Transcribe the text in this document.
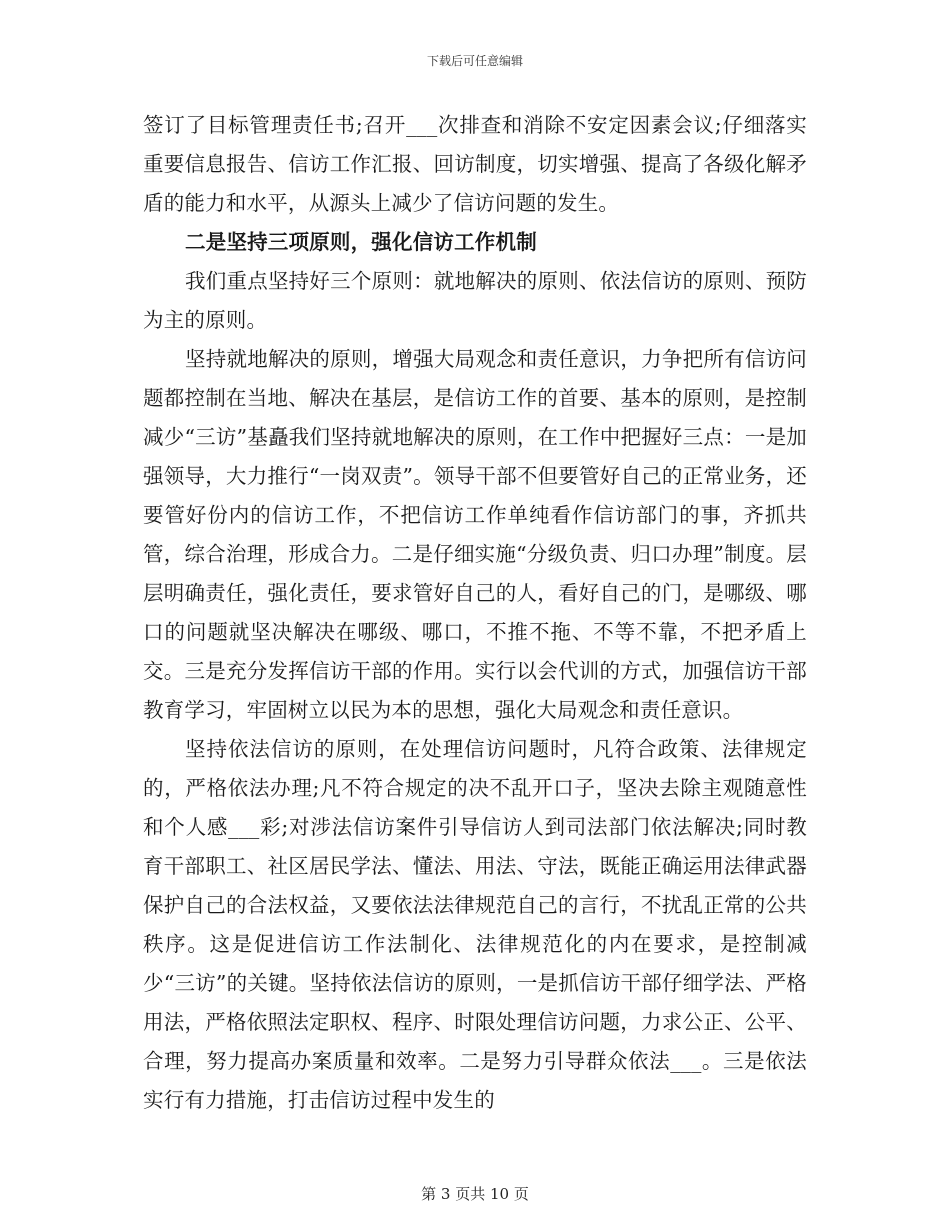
下载后可任意编辑

签订了目标管理责任书;召开___次排查和消除不安定因素会议;仔细落实重要信息报告、信访工作汇报、回访制度，切实增强、提高了各级化解矛盾的能力和水平，从源头上减少了信访问题的发生。

二是坚持三项原则，强化信访工作机制

我们重点坚持好三个原则：就地解决的原则、依法信访的原则、预防为主的原则。

坚持就地解决的原则，增强大局观念和责任意识，力争把所有信访问题都控制在当地、解决在基层，是信访工作的首要、基本的原则，是控制减少“三访”基矗我们坚持就地解决的原则，在工作中把握好三点：一是加强领导，大力推行“一岗双责”。领导干部不但要管好自己的正常业务，还要管好份内的信访工作，不把信访工作单纯看作信访部门的事，齐抓共管，综合治理，形成合力。二是仔细实施“分级负责、归口办理”制度。层层明确责任，强化责任，要求管好自己的人，看好自己的门，是哪级、哪口的问题就坚决解决在哪级、哪口，不推不拖、不等不靠，不把矛盾上交。三是充分发挥信访干部的作用。实行以会代训的方式，加强信访干部教育学习，牢固树立以民为本的思想，强化大局观念和责任意识。

坚持依法信访的原则，在处理信访问题时，凡符合政策、法律规定的，严格依法办理;凡不符合规定的决不乱开口子，坚决去除主观随意性和个人感___彩;对涉法信访案件引导信访人到司法部门依法解决;同时教育干部职工、社区居民学法、懂法、用法、守法，既能正确运用法律武器保护自己的合法权益，又要依法法律规范自己的言行，不扰乱正常的公共秩序。这是促进信访工作法制化、法律规范化的内在要求，是控制减少“三访”的关键。坚持依法信访的原则，一是抓信访干部仔细学法、严格用法，严格依照法定职权、程序、时限处理信访问题，力求公正、公平、合理，努力提高办案质量和效率。二是努力引导群众依法___。三是依法实行有力措施，打击信访过程中发生的

第 3 页共 10 页
